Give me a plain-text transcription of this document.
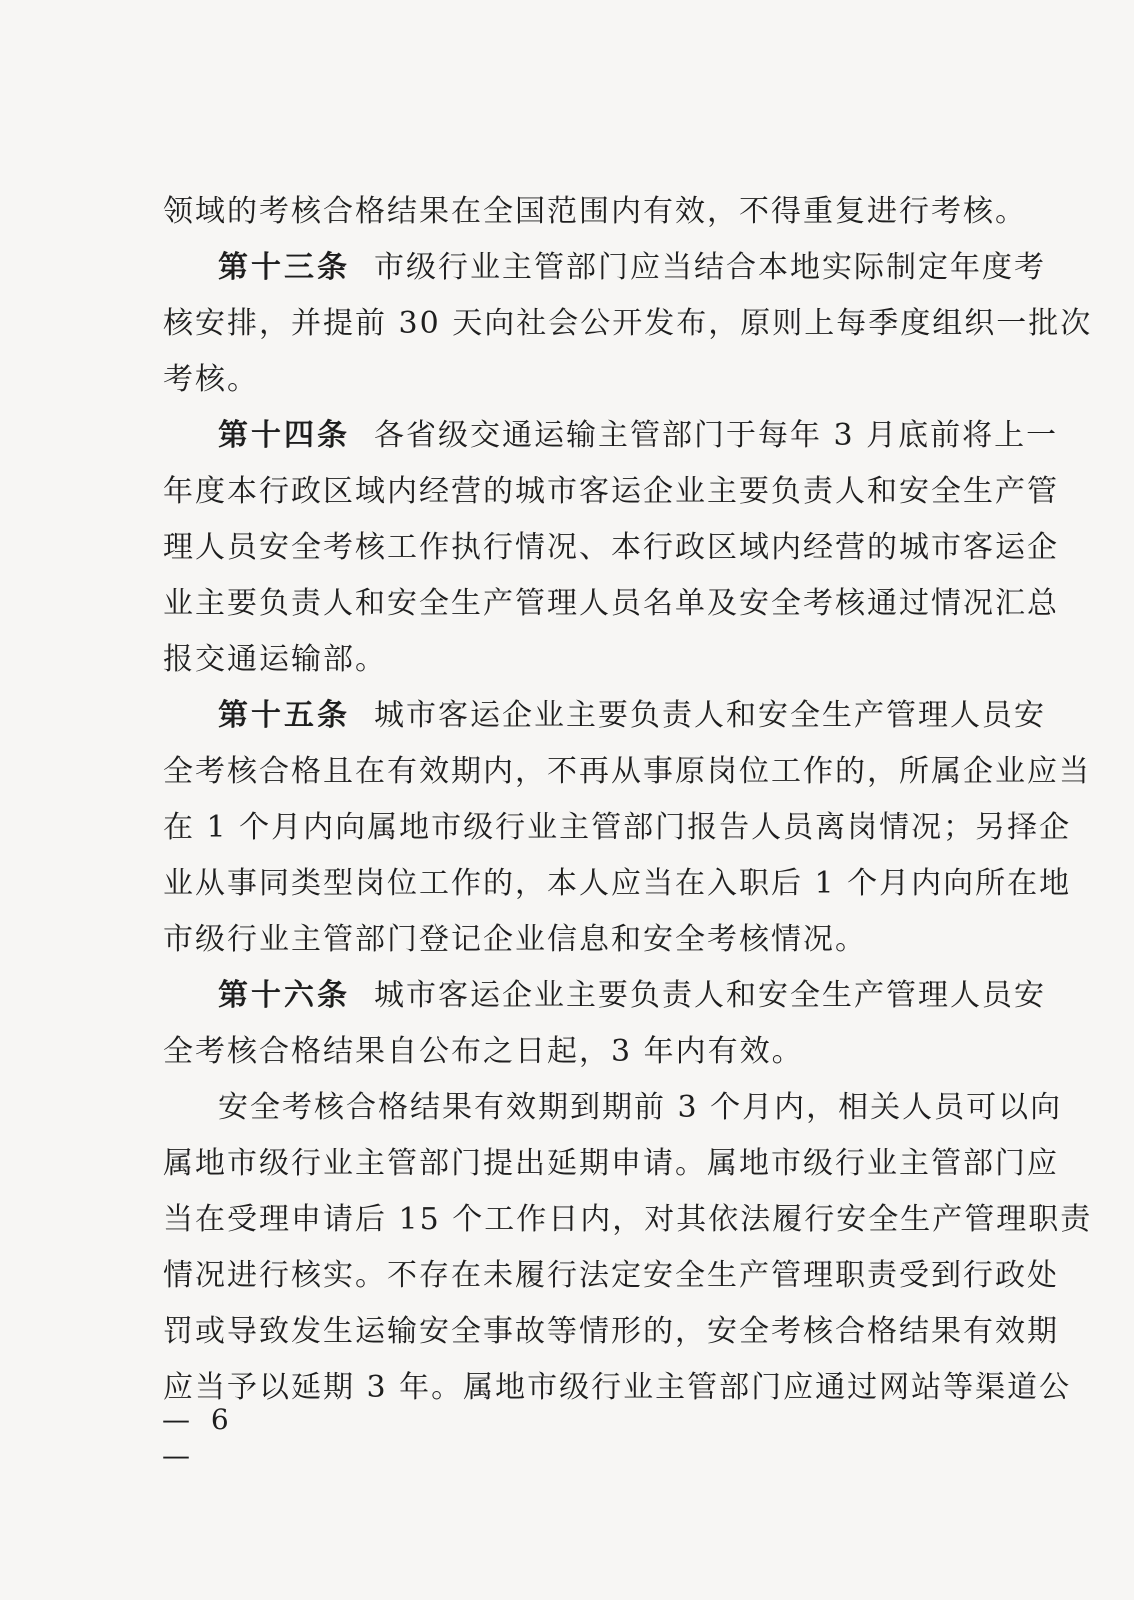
领域的考核合格结果在全国范围内有效，不得重复进行考核。
第十三条 市级行业主管部门应当结合本地实际制定年度考
核安排，并提前 30 天向社会公开发布，原则上每季度组织一批次
考核。
第十四条 各省级交通运输主管部门于每年 3 月底前将上一
年度本行政区域内经营的城市客运企业主要负责人和安全生产管
理人员安全考核工作执行情况、本行政区域内经营的城市客运企
业主要负责人和安全生产管理人员名单及安全考核通过情况汇总
报交通运输部。
第十五条 城市客运企业主要负责人和安全生产管理人员安
全考核合格且在有效期内，不再从事原岗位工作的，所属企业应当
在 1 个月内向属地市级行业主管部门报告人员离岗情况；另择企
业从事同类型岗位工作的，本人应当在入职后 1 个月内向所在地
市级行业主管部门登记企业信息和安全考核情况。
第十六条 城市客运企业主要负责人和安全生产管理人员安
全考核合格结果自公布之日起，3 年内有效。
安全考核合格结果有效期到期前 3 个月内，相关人员可以向
属地市级行业主管部门提出延期申请。属地市级行业主管部门应
当在受理申请后 15 个工作日内，对其依法履行安全生产管理职责
情况进行核实。不存在未履行法定安全生产管理职责受到行政处
罚或导致发生运输安全事故等情形的，安全考核合格结果有效期
应当予以延期 3 年。属地市级行业主管部门应通过网站等渠道公
— 6 —
